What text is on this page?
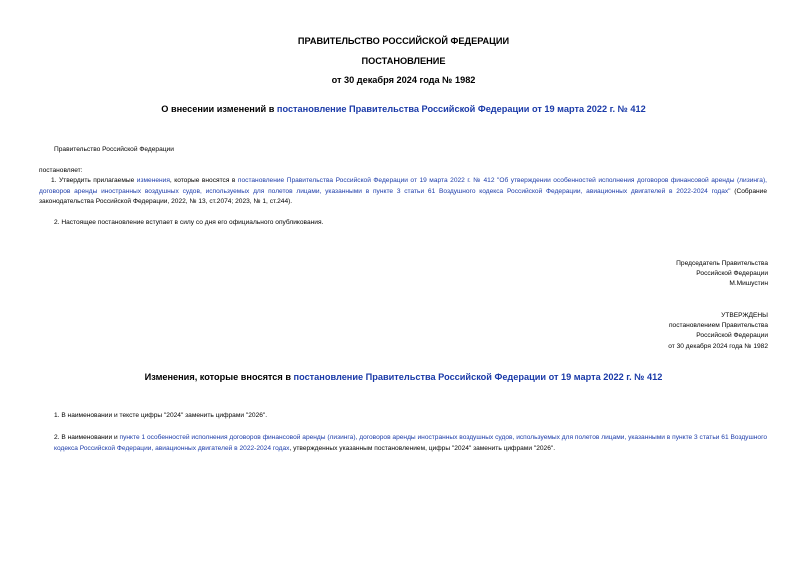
ПРАВИТЕЛЬСТВО РОССИЙСКОЙ ФЕДЕРАЦИИ
ПОСТАНОВЛЕНИЕ
от 30 декабря 2024 года № 1982
О внесении изменений в постановление Правительства Российской Федерации от 19 марта 2022 г. № 412
Правительство Российской Федерации
постановляет:
1. Утвердить прилагаемые изменения, которые вносятся в постановление Правительства Российской Федерации от 19 марта 2022 г. № 412 "Об утверждении особенностей исполнения договоров финансовой аренды (лизинга), договоров аренды иностранных воздушных судов, используемых для полетов лицами, указанными в пункте 3 статьи 61 Воздушного кодекса Российской Федерации, авиационных двигателей в 2022-2024 годах" (Собрание законодательства Российской Федерации, 2022, № 13, ст.2074; 2023, № 1, ст.244).
2. Настоящее постановление вступает в силу со дня его официального опубликования.
Председатель Правительства
Российской Федерации
М.Мишустин
УТВЕРЖДЕНЫ
постановлением Правительства
Российской Федерации
от 30 декабря 2024 года № 1982
Изменения, которые вносятся в постановление Правительства Российской Федерации от 19 марта 2022 г. № 412
1. В наименовании и тексте цифры "2024" заменить цифрами "2026".
2. В наименовании и пункте 1 особенностей исполнения договоров финансовой аренды (лизинга), договоров аренды иностранных воздушных судов, используемых для полетов лицами, указанными в пункте 3 статьи 61 Воздушного кодекса Российской Федерации, авиационных двигателей в 2022-2024 годах, утвержденных указанным постановлением, цифры "2024" заменить цифрами "2026".
